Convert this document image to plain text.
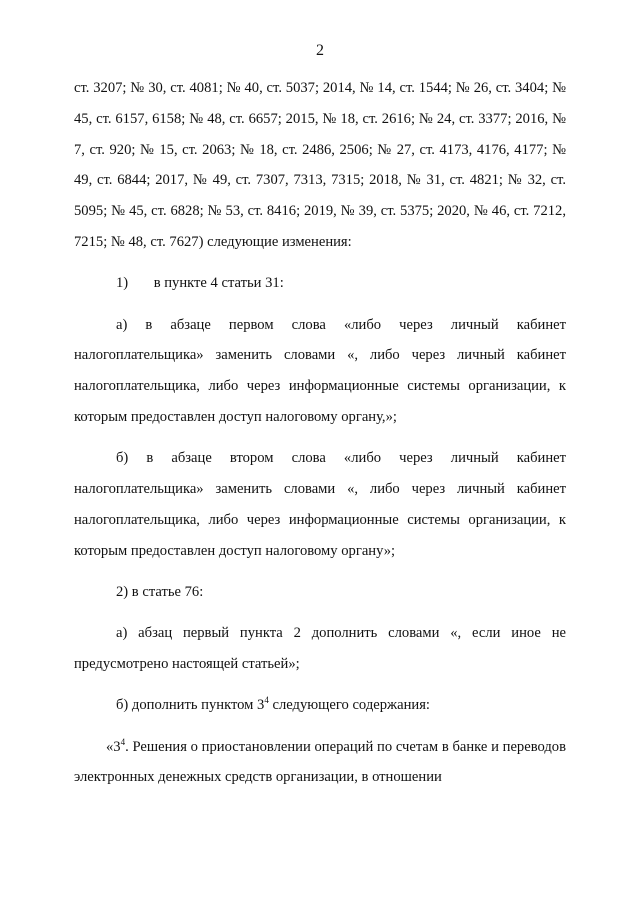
2

ст. 3207; № 30, ст. 4081; № 40, ст. 5037; 2014, № 14, ст. 1544; № 26, ст. 3404; № 45, ст. 6157, 6158; № 48, ст. 6657; 2015, № 18, ст. 2616; № 24, ст. 3377; 2016, № 7, ст. 920; № 15, ст. 2063; № 18, ст. 2486, 2506; № 27, ст. 4173, 4176, 4177; № 49, ст. 6844; 2017, № 49, ст. 7307, 7313, 7315; 2018, № 31, ст. 4821; № 32, ст. 5095; № 45, ст. 6828; № 53, ст. 8416; 2019, № 39, ст. 5375; 2020, № 46, ст. 7212, 7215; № 48, ст. 7627) следующие изменения:

1)       в пункте 4 статьи 31:

а) в абзаце первом слова «либо через личный кабинет налогоплательщика» заменить словами «, либо через личный кабинет налогоплательщика, либо через информационные системы организации, к которым предоставлен доступ налоговому органу,»;

б) в абзаце втором слова «либо через личный кабинет налогоплательщика» заменить словами «, либо через личный кабинет налогоплательщика, либо через информационные системы организации, к которым предоставлен доступ налоговому органу»;

2) в статье 76:

а) абзац первый пункта 2 дополнить словами «, если иное не предусмотрено настоящей статьей»;

б) дополнить пунктом $3^4$ следующего содержания:

«$3^4$. Решения о приостановлении операций по счетам в банке и переводов электронных денежных средств организации, в отношении
